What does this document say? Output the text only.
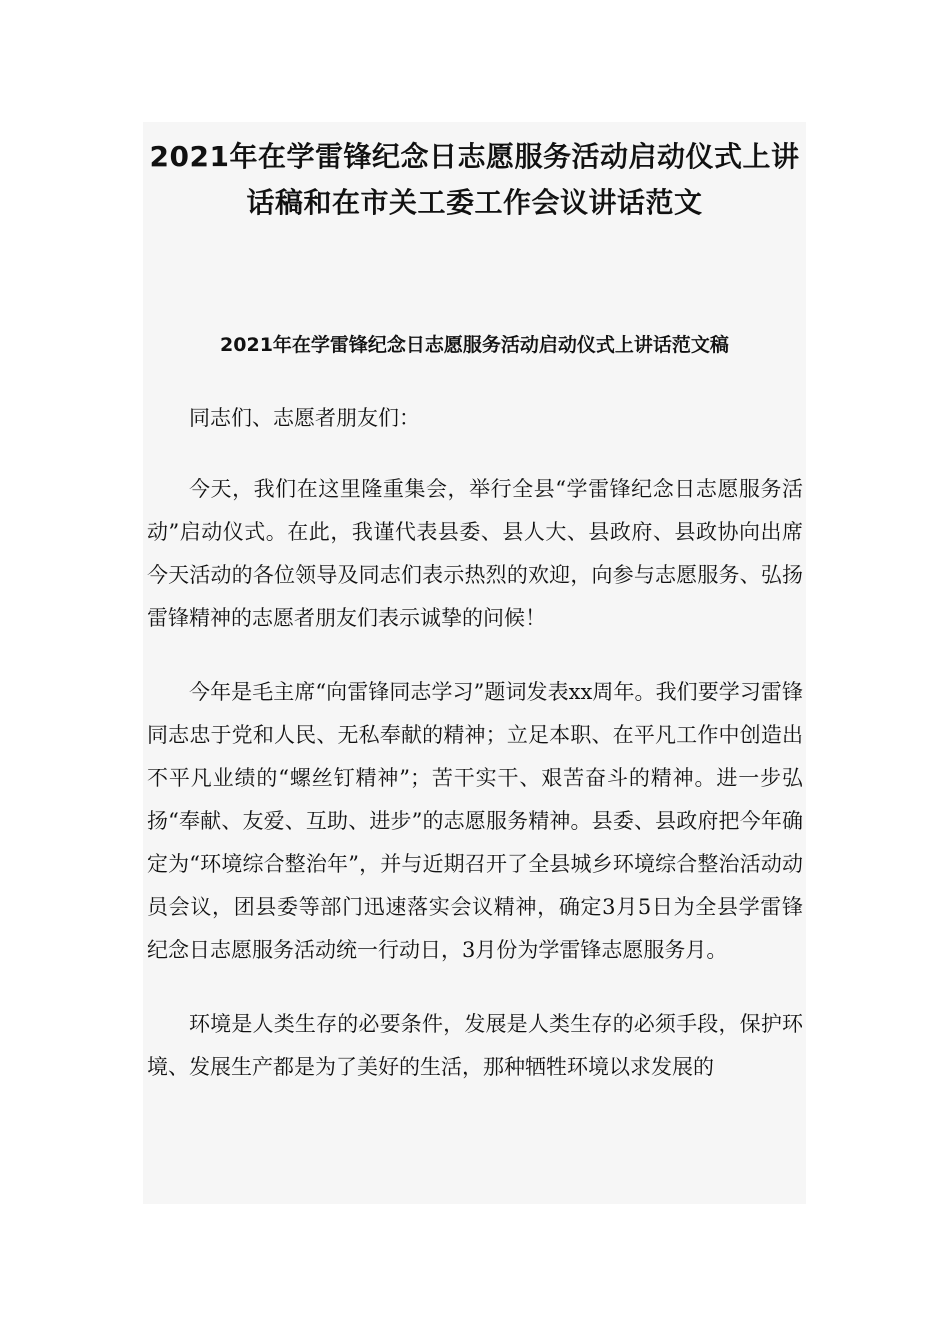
2021年在学雷锋纪念日志愿服务活动启动仪式上讲
话稿和在市关工委工作会议讲话范文
2021年在学雷锋纪念日志愿服务活动启动仪式上讲话范文稿

同志们、志愿者朋友们：

今天，我们在这里隆重集会，举行全县“学雷锋纪念日志愿服务活动”启动仪式。在此，我谨代表县委、县人大、县政府、县政协向出席今天活动的各位领导及同志们表示热烈的欢迎，向参与志愿服务、弘扬雷锋精神的志愿者朋友们表示诚挚的问候！

今年是毛主席“向雷锋同志学习”题词发表xx周年。我们要学习雷锋同志忠于党和人民、无私奉献的精神；立足本职、在平凡工作中创造出不平凡业绩的“螺丝钉精神”；苦干实干、艰苦奋斗的精神。进一步弘扬“奉献、友爱、互助、进步”的志愿服务精神。县委、县政府把今年确定为“环境综合整治年”，并与近期召开了全县城乡环境综合整治活动动员会议，团县委等部门迅速落实会议精神，确定3月5日为全县学雷锋纪念日志愿服务活动统一行动日，3月份为学雷锋志愿服务月。

环境是人类生存的必要条件，发展是人类生存的必须手段，保护环境、发展生产都是为了美好的生活，那种牺牲环境以求发展的
